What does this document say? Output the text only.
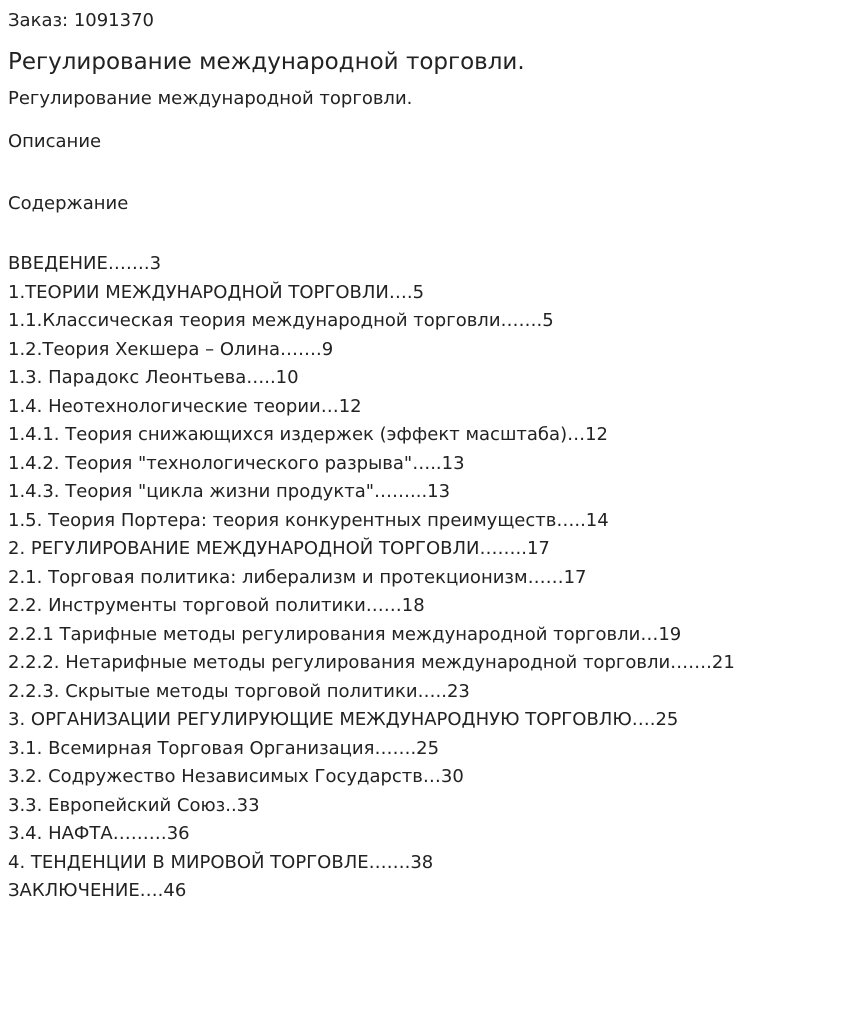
Заказ: 1091370
Регулирование международной торговли.
Регулирование международной торговли.
Описание
Содержание
ВВЕДЕНИЕ…….3
1.ТЕОРИИ МЕЖДУНАРОДНОЙ ТОРГОВЛИ….5
1.1.Классическая теория международной торговли…….5
1.2.Теория Хекшера – Олина…….9
1.3. Парадокс Леонтьева…..10
1.4. Неотехнологические теории…12
1.4.1. Теория снижающихся издержек (эффект масштаба)…12
1.4.2. Теория "технологического разрыва"…..13
1.4.3. Теория "цикла жизни продукта"……...13
1.5. Теория Портера: теория конкурентных преимуществ…..14
2. РЕГУЛИРОВАНИЕ МЕЖДУНАРОДНОЙ ТОРГОВЛИ……..17
2.1. Торговая политика: либерализм и протекционизм……17
2.2. Инструменты торговой политики……18
2.2.1 Тарифные методы регулирования международной торговли…19
2.2.2. Нетарифные методы регулирования международной торговли…….21
2.2.3. Скрытые методы торговой политики…..23
3. ОРГАНИЗАЦИИ РЕГУЛИРУЮЩИЕ МЕЖДУНАРОДНУЮ ТОРГОВЛЮ….25
3.1. Всемирная Торговая Организация…….25
3.2. Содружество Независимых Государств…30
3.3. Европейский Союз..33
3.4. НАФТА………36
4. ТЕНДЕНЦИИ В МИРОВОЙ ТОРГОВЛЕ…….38
ЗАКЛЮЧЕНИЕ….46
